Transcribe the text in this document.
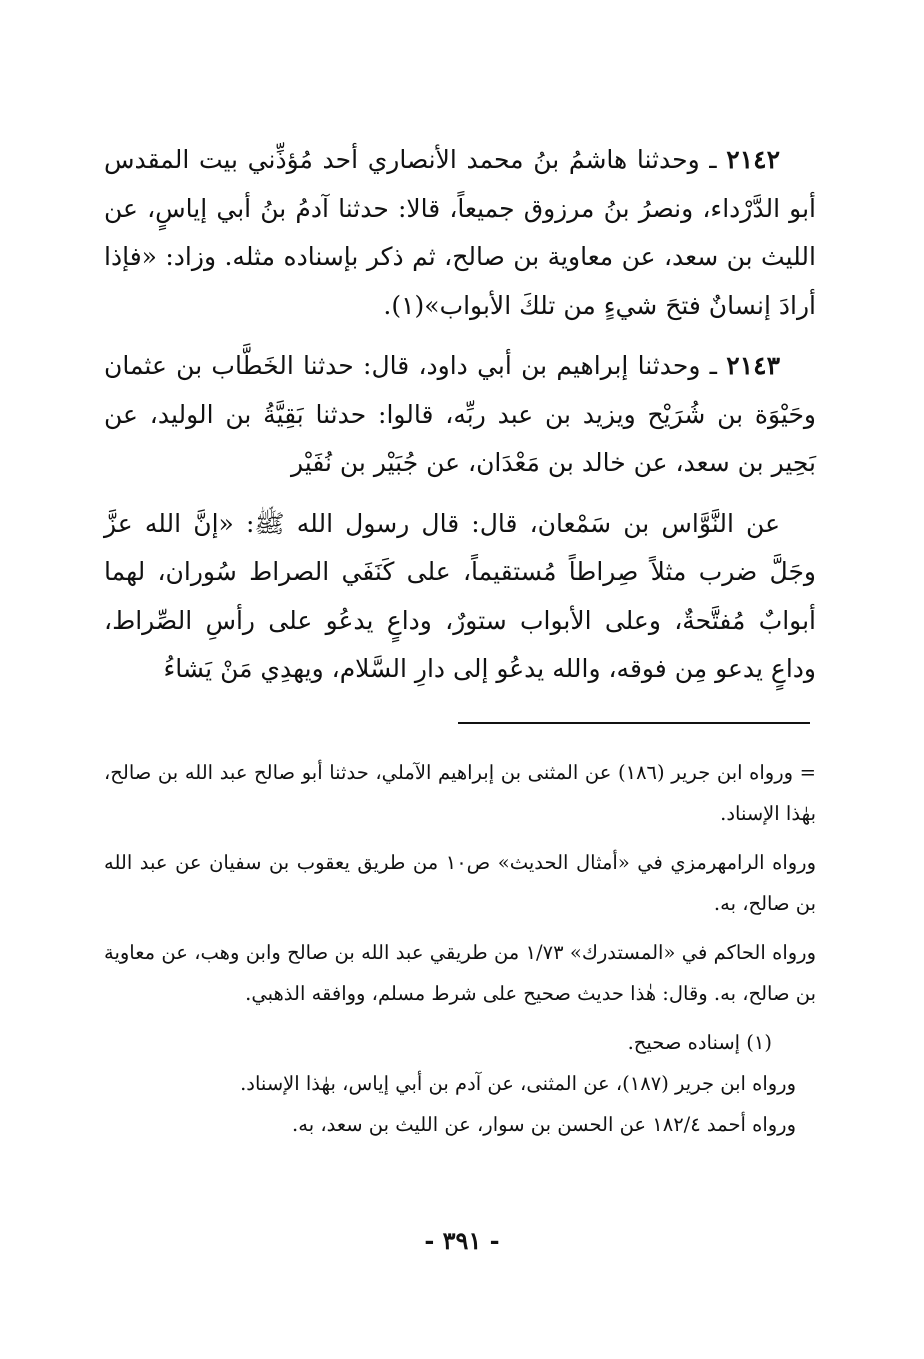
٢١٤٢ ـ وحدثنا هاشمُ بنُ محمد الأنصاري أحد مُؤذِّني بيت المقدس أبو الدَّرْداء، ونصرُ بنُ مرزوق جميعاً، قالا: حدثنا آدمُ بنُ أبي إياسٍ، عن الليث بن سعد، عن معاوية بن صالح، ثم ذكر بإسناده مثله. وزاد: «فإذا أرادَ إنسانٌ فتحَ شيءٍ من تلكَ الأبواب»(١).

٢١٤٣ ـ وحدثنا إبراهيم بن أبي داود، قال: حدثنا الخَطَّاب بن عثمان وحَيْوَة بن شُرَيْح ويزيد بن عبد ربِّه، قالوا: حدثنا بَقِيَّةُ بن الوليد، عن بَحِير بن سعد، عن خالد بن مَعْدَان، عن جُبَيْر بن نُفَيْر

عن النَّوَّاس بن سَمْعان، قال: قال رسول الله ﷺ: «إنَّ الله عزَّ وجَلَّ ضرب مثلاً صِراطاً مُستقيماً، على كَنَفَي الصراط سُوران، لهما أبوابٌ مُفتَّحةٌ، وعلى الأبواب ستورٌ، وداعٍ يدعُو على رأسِ الصِّراط، وداعٍ يدعو مِن فوقه، والله يدعُو إلى دارِ السَّلام، ويهدِي مَنْ يَشاءُ

= ورواه ابن جرير (١٨٦) عن المثنى بن إبراهيم الآملي، حدثنا أبو صالح عبد الله بن صالح، بهٰذا الإسناد.

ورواه الرامهرمزي في «أمثال الحديث» ص١٠ من طريق يعقوب بن سفيان عن عبد الله بن صالح، به.

ورواه الحاكم في «المستدرك» ١/٧٣ من طريقي عبد الله بن صالح وابن وهب، عن معاوية بن صالح، به. وقال: هٰذا حديث صحيح على شرط مسلم، ووافقه الذهبي.

(١) إسناده صحيح.

ورواه ابن جرير (١٨٧)، عن المثنى، عن آدم بن أبي إياس، بهٰذا الإسناد.

ورواه أحمد ١٨٢/٤ عن الحسن بن سوار، عن الليث بن سعد، به.

- ٣٩١ -
